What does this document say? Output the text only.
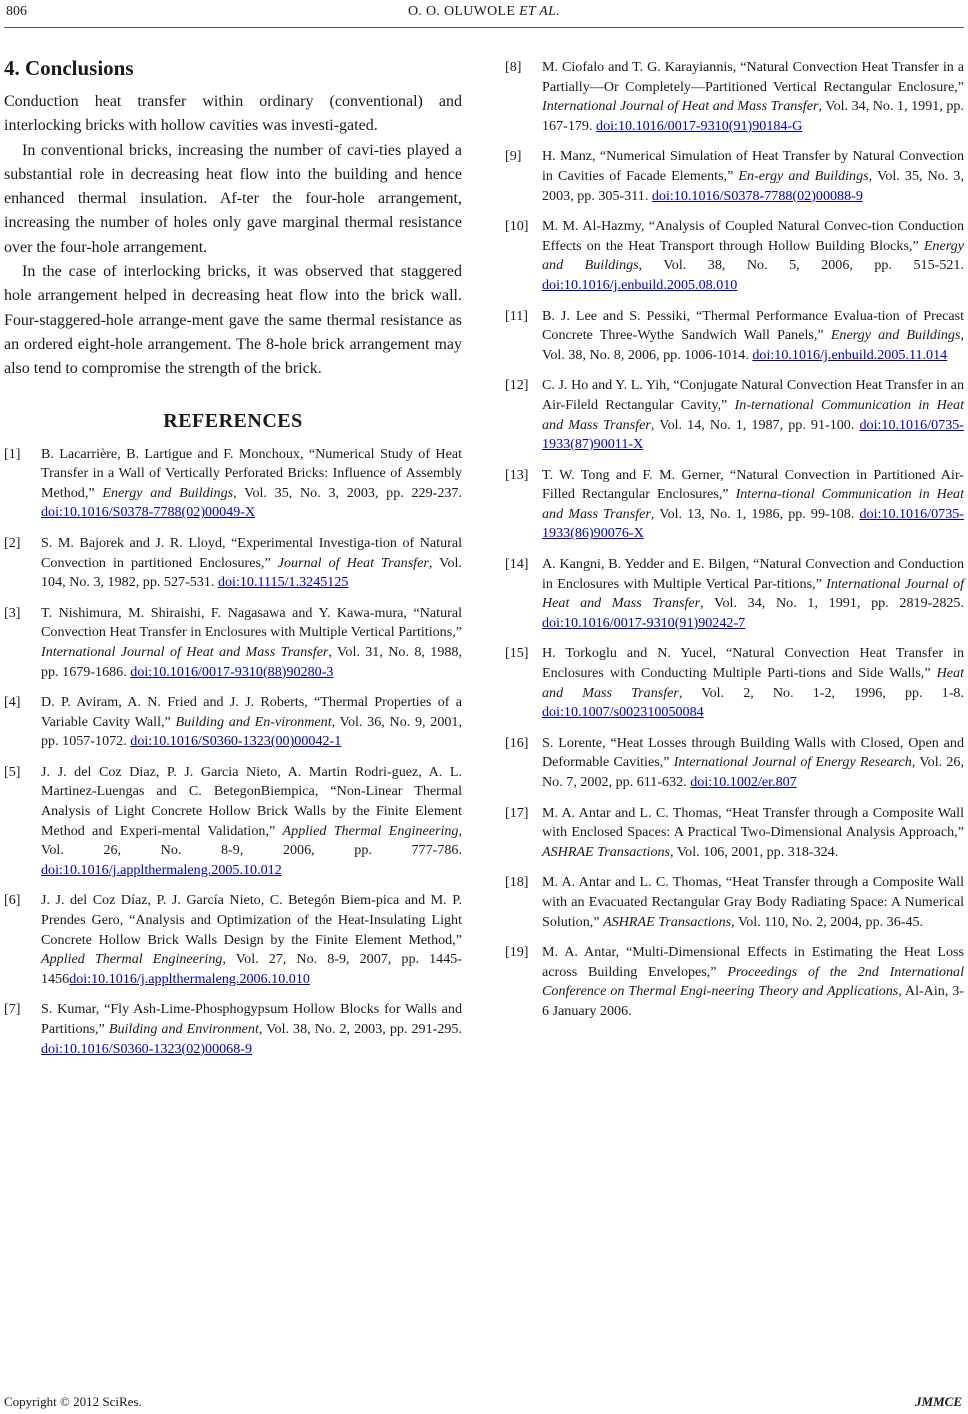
806	O. O. OLUWOLE ET AL.
4. Conclusions

Conduction heat transfer within ordinary (conventional) and interlocking bricks with hollow cavities was investi-gated.

In conventional bricks, increasing the number of cavi-ties played a substantial role in decreasing heat flow into the building and hence enhanced thermal insulation. Af-ter the four-hole arrangement, increasing the number of holes only gave marginal thermal resistance over the four-hole arrangement.

In the case of interlocking bricks, it was observed that staggered hole arrangement helped in decreasing heat flow into the brick wall. Four-staggered-hole arrange-ment gave the same thermal resistance as an ordered eight-hole arrangement. The 8-hole brick arrangement may also tend to compromise the strength of the brick.

REFERENCES
[1] B. Lacarrière, B. Lartigue and F. Monchoux, “Numerical Study of Heat Transfer in a Wall of Vertically Perforated Bricks: Influence of Assembly Method,” Energy and Buildings, Vol. 35, No. 3, 2003, pp. 229-237. doi:10.1016/S0378-7788(02)00049-X
[2] S. M. Bajorek and J. R. Lloyd, “Experimental Investiga-tion of Natural Convection in partitioned Enclosures,” Journal of Heat Transfer, Vol. 104, No. 3, 1982, pp. 527-531. doi:10.1115/1.3245125
[3] T. Nishimura, M. Shiraishi, F. Nagasawa and Y. Kawa-mura, “Natural Convection Heat Transfer in Enclosures with Multiple Vertical Partitions,” International Journal of Heat and Mass Transfer, Vol. 31, No. 8, 1988, pp. 1679-1686. doi:10.1016/0017-9310(88)90280-3
[4] D. P. Aviram, A. N. Fried and J. J. Roberts, “Thermal Properties of a Variable Cavity Wall,” Building and En-vironment, Vol. 36, No. 9, 2001, pp. 1057-1072. doi:10.1016/S0360-1323(00)00042-1
[5] J. J. del Coz Diaz, P. J. Garcia Nieto, A. Martin Rodri-guez, A. L. Martinez-Luengas and C. BetegonBiempica, “Non-Linear Thermal Analysis of Light Concrete Hollow Brick Walls by the Finite Element Method and Experi-mental Validation,” Applied Thermal Engineering, Vol. 26, No. 8-9, 2006, pp. 777-786. doi:10.1016/j.applthermaleng.2005.10.012
[6] J. J. del Coz Díaz, P. J. García Nieto, C. Betegón Biem-pica and M. P. Prendes Gero, “Analysis and Optimization of the Heat-Insulating Light Concrete Hollow Brick Walls Design by the Finite Element Method,” Applied Thermal Engineering, Vol. 27, No. 8-9, 2007, pp. 1445-1456doi:10.1016/j.applthermaleng.2006.10.010
[7] S. Kumar, “Fly Ash-Lime-Phosphogypsum Hollow Blocks for Walls and Partitions,” Building and Environment, Vol. 38, No. 2, 2003, pp. 291-295. doi:10.1016/S0360-1323(02)00068-9
[8] M. Ciofalo and T. G. Karayiannis, “Natural Convection Heat Transfer in a Partially—Or Completely—Partitioned Vertical Rectangular Enclosure,” International Journal of Heat and Mass Transfer, Vol. 34, No. 1, 1991, pp. 167-179. doi:10.1016/0017-9310(91)90184-G
[9] H. Manz, “Numerical Simulation of Heat Transfer by Natural Convection in Cavities of Facade Elements,” En-ergy and Buildings, Vol. 35, No. 3, 2003, pp. 305-311. doi:10.1016/S0378-7788(02)00088-9
[10] M. M. Al-Hazmy, “Analysis of Coupled Natural Convec-tion Conduction Effects on the Heat Transport through Hollow Building Blocks,” Energy and Buildings, Vol. 38, No. 5, 2006, pp. 515-521. doi:10.1016/j.enbuild.2005.08.010
[11] B. J. Lee and S. Pessiki, “Thermal Performance Evalua-tion of Precast Concrete Three-Wythe Sandwich Wall Panels,” Energy and Buildings, Vol. 38, No. 8, 2006, pp. 1006-1014. doi:10.1016/j.enbuild.2005.11.014
[12] C. J. Ho and Y. L. Yih, “Conjugate Natural Convection Heat Transfer in an Air-Fileld Rectangular Cavity,” In-ternational Communication in Heat and Mass Transfer, Vol. 14, No. 1, 1987, pp. 91-100. doi:10.1016/0735-1933(87)90011-X
[13] T. W. Tong and F. M. Gerner, “Natural Convection in Partitioned Air-Filled Rectangular Enclosures,” Interna-tional Communication in Heat and Mass Transfer, Vol. 13, No. 1, 1986, pp. 99-108. doi:10.1016/0735-1933(86)90076-X
[14] A. Kangni, B. Yedder and E. Bilgen, “Natural Convection and Conduction in Enclosures with Multiple Vertical Par-titions,” International Journal of Heat and Mass Transfer, Vol. 34, No. 1, 1991, pp. 2819-2825. doi:10.1016/0017-9310(91)90242-7
[15] H. Torkoglu and N. Yucel, “Natural Convection Heat Transfer in Enclosures with Conducting Multiple Parti-tions and Side Walls,” Heat and Mass Transfer, Vol. 2, No. 1-2, 1996, pp. 1-8. doi:10.1007/s002310050084
[16] S. Lorente, “Heat Losses through Building Walls with Closed, Open and Deformable Cavities,” International Journal of Energy Research, Vol. 26, No. 7, 2002, pp. 611-632. doi:10.1002/er.807
[17] M. A. Antar and L. C. Thomas, “Heat Transfer through a Composite Wall with Enclosed Spaces: A Practical Two-Dimensional Analysis Approach,” ASHRAE Transactions, Vol. 106, 2001, pp. 318-324.
[18] M. A. Antar and L. C. Thomas, “Heat Transfer through a Composite Wall with an Evacuated Rectangular Gray Body Radiating Space: A Numerical Solution,” ASHRAE Transactions, Vol. 110, No. 2, 2004, pp. 36-45.
[19] M. A. Antar, “Multi-Dimensional Effects in Estimating the Heat Loss across Building Envelopes,” Proceedings of the 2nd International Conference on Thermal Engi-neering Theory and Applications, Al-Ain, 3-6 January 2006.
Copyright © 2012 SciRes.	JMMCE
